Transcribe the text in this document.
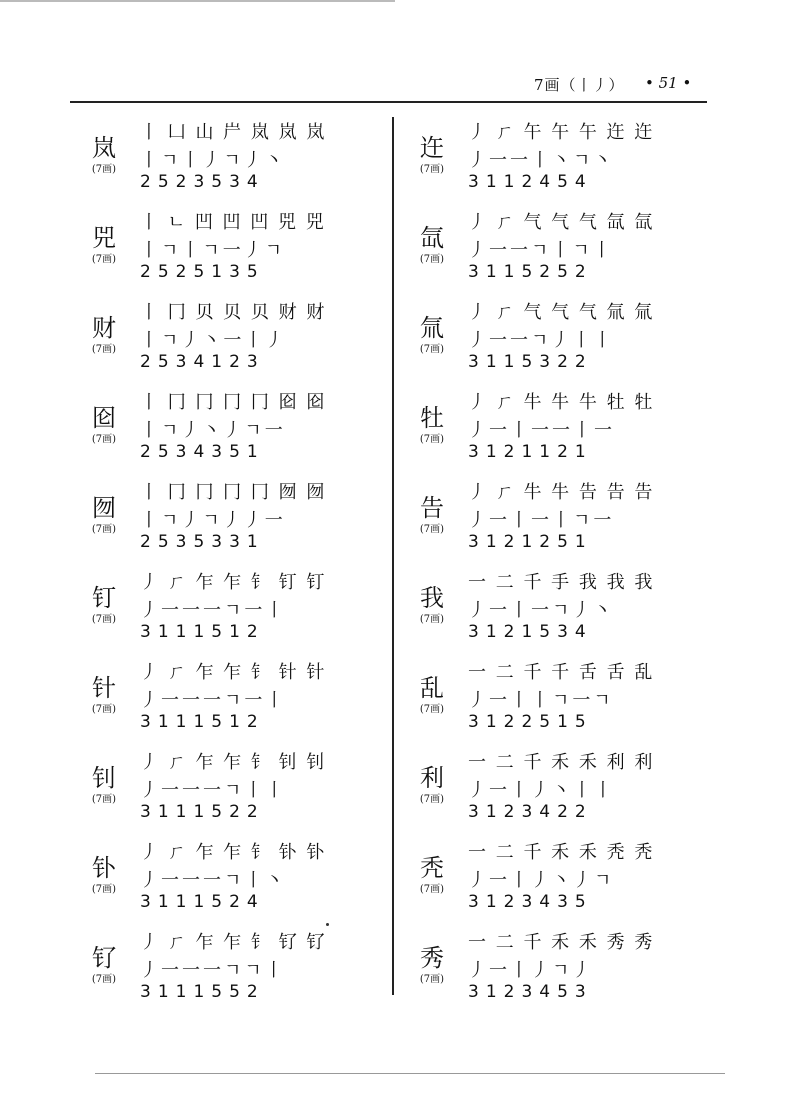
7画（丨丿） • 51 •
岚
(7画)
丨 凵 山 屵 岚 岚 岚
丨ㄱ丨丿ㄱ丿丶
2523534
兕
(7画)
丨 ㄴ 凹 凹 凹 兕 兕
丨ㄱ丨ㄱ一丿ㄱ
2525135
财
(7画)
丨 冂 贝 贝 贝 财 财
丨ㄱ丿丶一丨丿
2534123
囵
(7画)
丨 冂 冂 冂 冂 囵 囵
丨ㄱ丿丶丿ㄱ一
2534351
囫
(7画)
丨 冂 冂 冂 冂 囫 囫
丨ㄱ丿ㄱ丿丿一
2535331
钉
(7画)
丿 ㄏ 乍 乍 钅 钉 钉
丿一一一ㄱ一丨
3111512
针
(7画)
丿 ㄏ 乍 乍 钅 针 针
丿一一一ㄱ一丨
3111512
钊
(7画)
丿 ㄏ 乍 乍 钅 钊 钊
丿一一一ㄱ丨丨
3111522
钋
(7画)
丿 ㄏ 乍 乍 钅 钋 钋
丿一一一ㄱ丨丶
3111524
钌
(7画)
丿 ㄏ 乍 乍 钅 钌 钌
丿一一一ㄱㄱ丨
3111552
迕
(7画)
丿 ㄏ 午 午 午 迕 迕
丿一一丨丶ㄱ丶
3112454
氙
(7画)
丿 ㄏ 气 气 气 氙 氙
丿一一ㄱ丨ㄱ丨
3115252
氚
(7画)
丿 ㄏ 气 气 气 氚 氚
丿一一ㄱ丿丨丨
3115322
牡
(7画)
丿 ㄏ 牛 牛 牛 牡 牡
丿一丨一一丨一
3121121
告
(7画)
丿 ㄏ 牛 牛 告 告 告
丿一丨一丨ㄱ一
3121251
我
(7画)
一 二 千 手 我 我 我
丿一丨一ㄱ丿丶
3121534
乱
(7画)
一 二 千 千 舌 舌 乱
丿一丨丨ㄱ一ㄱ
3122515
利
(7画)
一 二 千 禾 禾 利 利
丿一丨丿丶丨丨
3123422
秃
(7画)
一 二 千 禾 禾 秃 秃
丿一丨丿丶丿ㄱ
3123435
秀
(7画)
一 二 千 禾 禾 秀 秀
丿一丨丿ㄱ丿
3123453
